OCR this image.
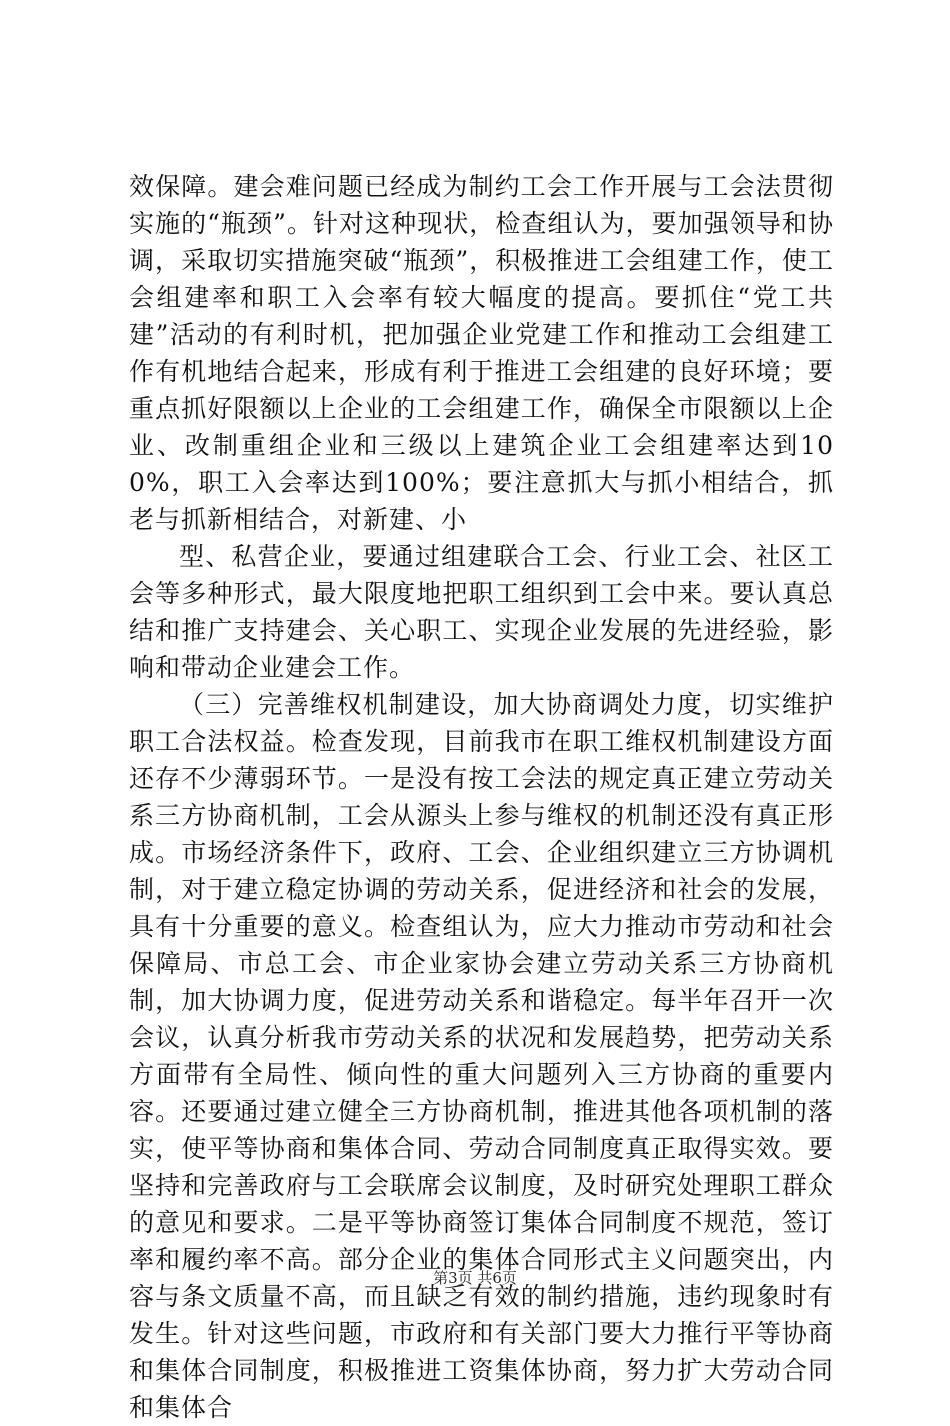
效保障。建会难问题已经成为制约工会工作开展与工会法贯彻实施的“瓶颈”。针对这种现状，检查组认为，要加强领导和协调，采取切实措施突破“瓶颈”，积极推进工会组建工作，使工会组建率和职工入会率有较大幅度的提高。要抓住“党工共建”活动的有利时机，把加强企业党建工作和推动工会组建工作有机地结合起来，形成有利于推进工会组建的良好环境；要重点抓好限额以上企业的工会组建工作，确保全市限额以上企业、改制重组企业和三级以上建筑企业工会组建率达到100%，职工入会率达到100%；要注意抓大与抓小相结合，抓老与抓新相结合，对新建、小

型、私营企业，要通过组建联合工会、行业工会、社区工会等多种形式，最大限度地把职工组织到工会中来。要认真总结和推广支持建会、关心职工、实现企业发展的先进经验，影响和带动企业建会工作。

（三）完善维权机制建设，加大协商调处力度，切实维护职工合法权益。检查发现，目前我市在职工维权机制建设方面还存不少薄弱环节。一是没有按工会法的规定真正建立劳动关系三方协商机制，工会从源头上参与维权的机制还没有真正形成。市场经济条件下，政府、工会、企业组织建立三方协调机制，对于建立稳定协调的劳动关系，促进经济和社会的发展，具有十分重要的意义。检查组认为，应大力推动市劳动和社会保障局、市总工会、市企业家协会建立劳动关系三方协商机制，加大协调力度，促进劳动关系和谐稳定。每半年召开一次会议，认真分析我市劳动关系的状况和发展趋势，把劳动关系方面带有全局性、倾向性的重大问题列入三方协商的重要内容。还要通过建立健全三方协商机制，推进其他各项机制的落实，使平等协商和集体合同、劳动合同制度真正取得实效。要坚持和完善政府与工会联席会议制度，及时研究处理职工群众的意见和要求。二是平等协商签订集体合同制度不规范，签订率和履约率不高。部分企业的集体合同形式主义问题突出，内容与条文质量不高，而且缺乏有效的制约措施，违约现象时有发生。针对这些问题，市政府和有关部门要大力推行平等协商和集体合同制度，积极推进工资集体协商，努力扩大劳动合同和集体合

第3页 共6页
